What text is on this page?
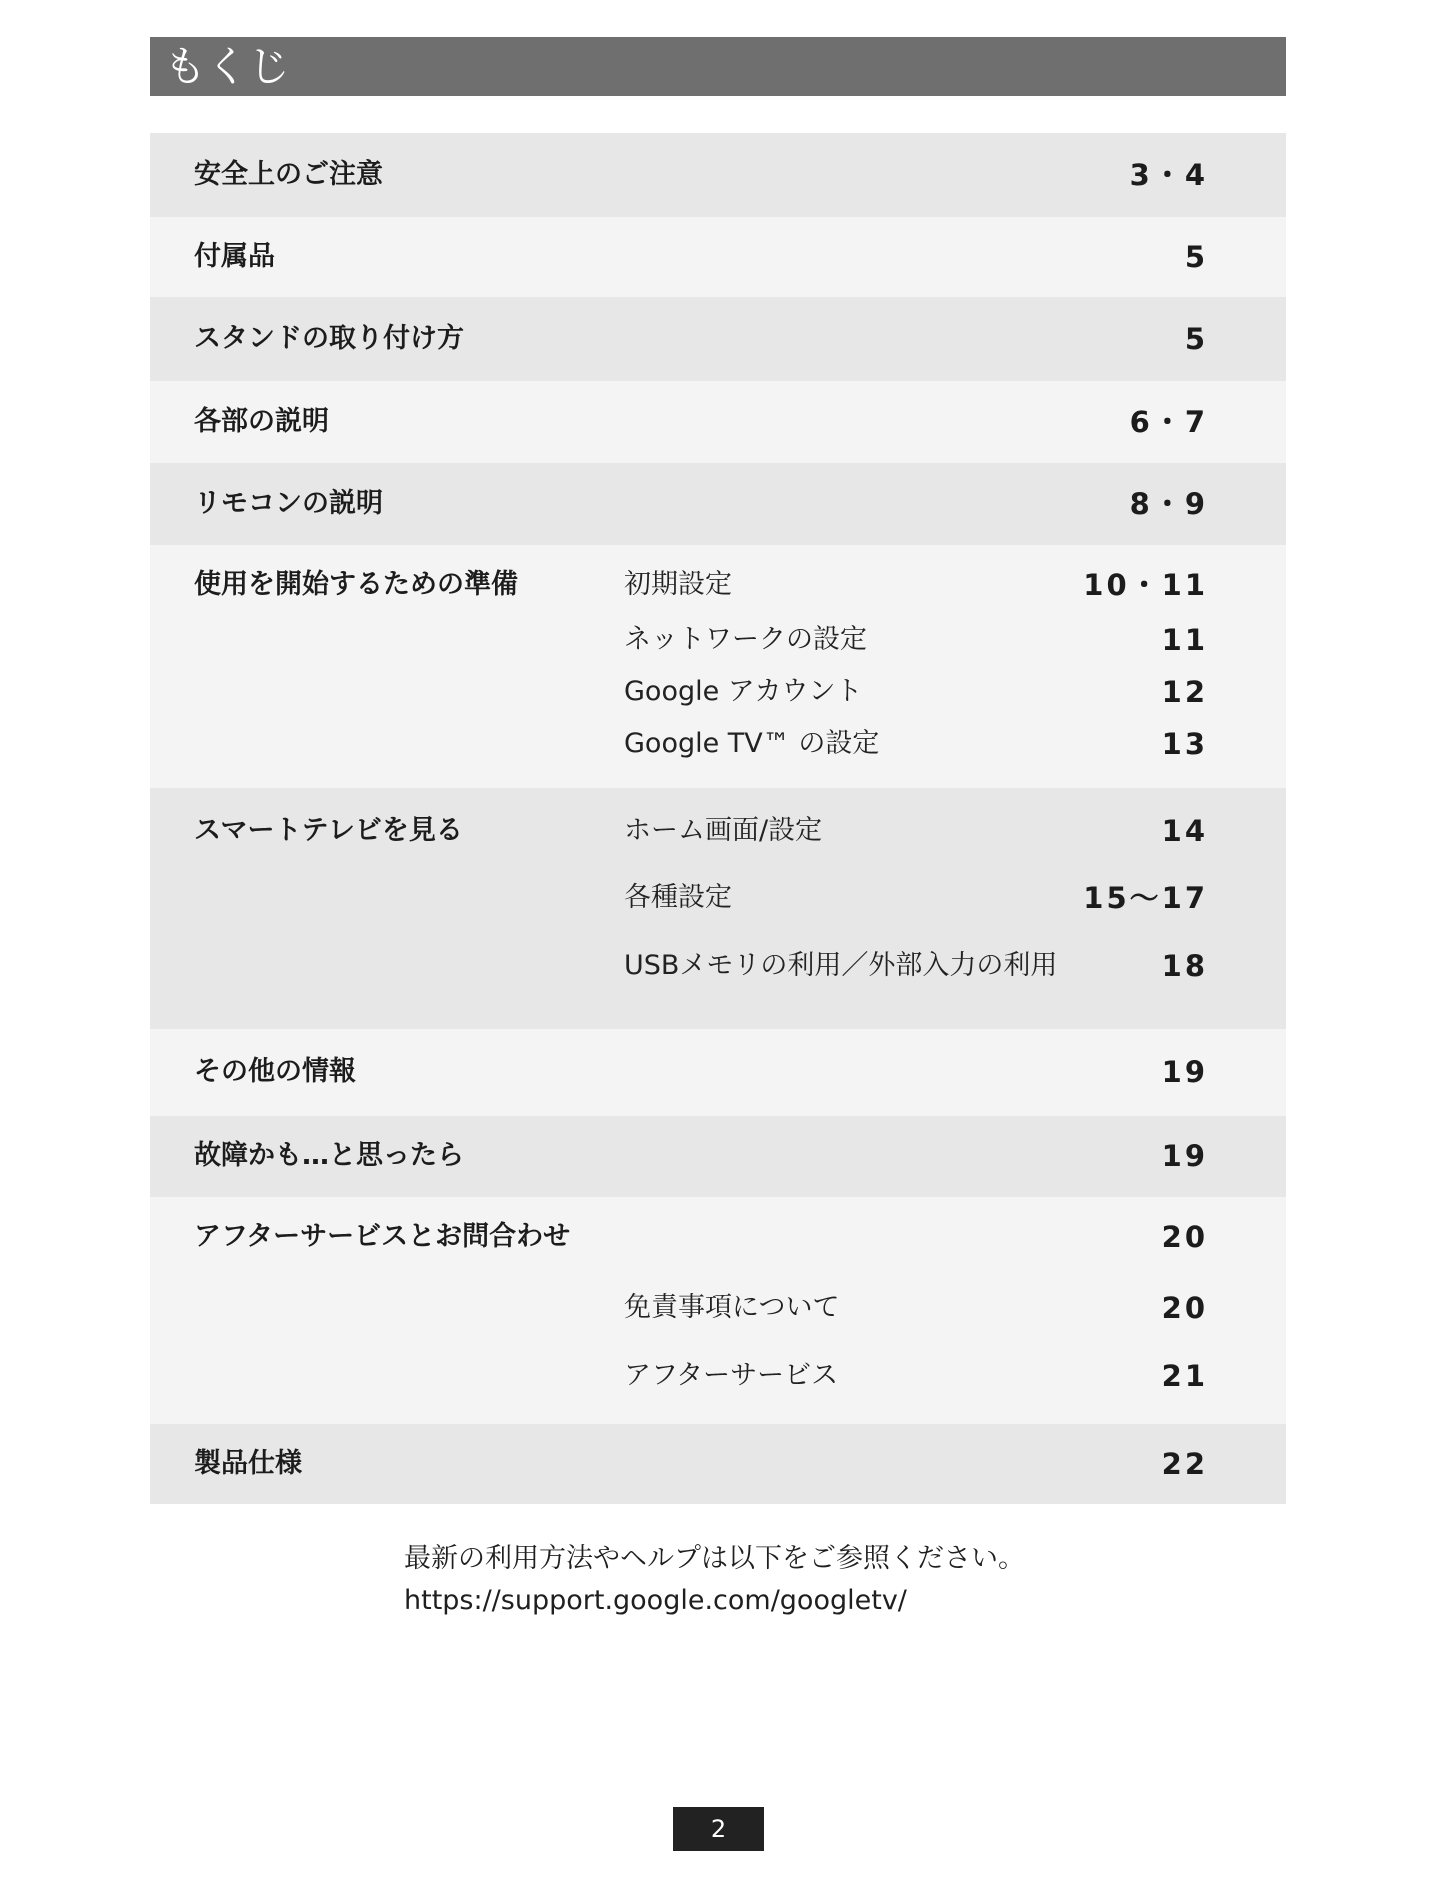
もくじ
安全上のご注意	3・4
付属品	5
スタンドの取り付け方	5
各部の説明	6・7
リモコンの説明	8・9
使用を開始するための準備	初期設定	10・11
ネットワークの設定	11
Google アカウント	12
Google TV™ の設定	13
スマートテレビを見る	ホーム画面/設定	14
各種設定	15〜17
USBメモリの利用／外部入力の利用	18
その他の情報	19
故障かも…と思ったら	19
アフターサービスとお問合わせ	20
免責事項について	20
アフターサービス	21
製品仕様	22
最新の利用方法やヘルプは以下をご参照ください。
https://support.google.com/googletv/
2
